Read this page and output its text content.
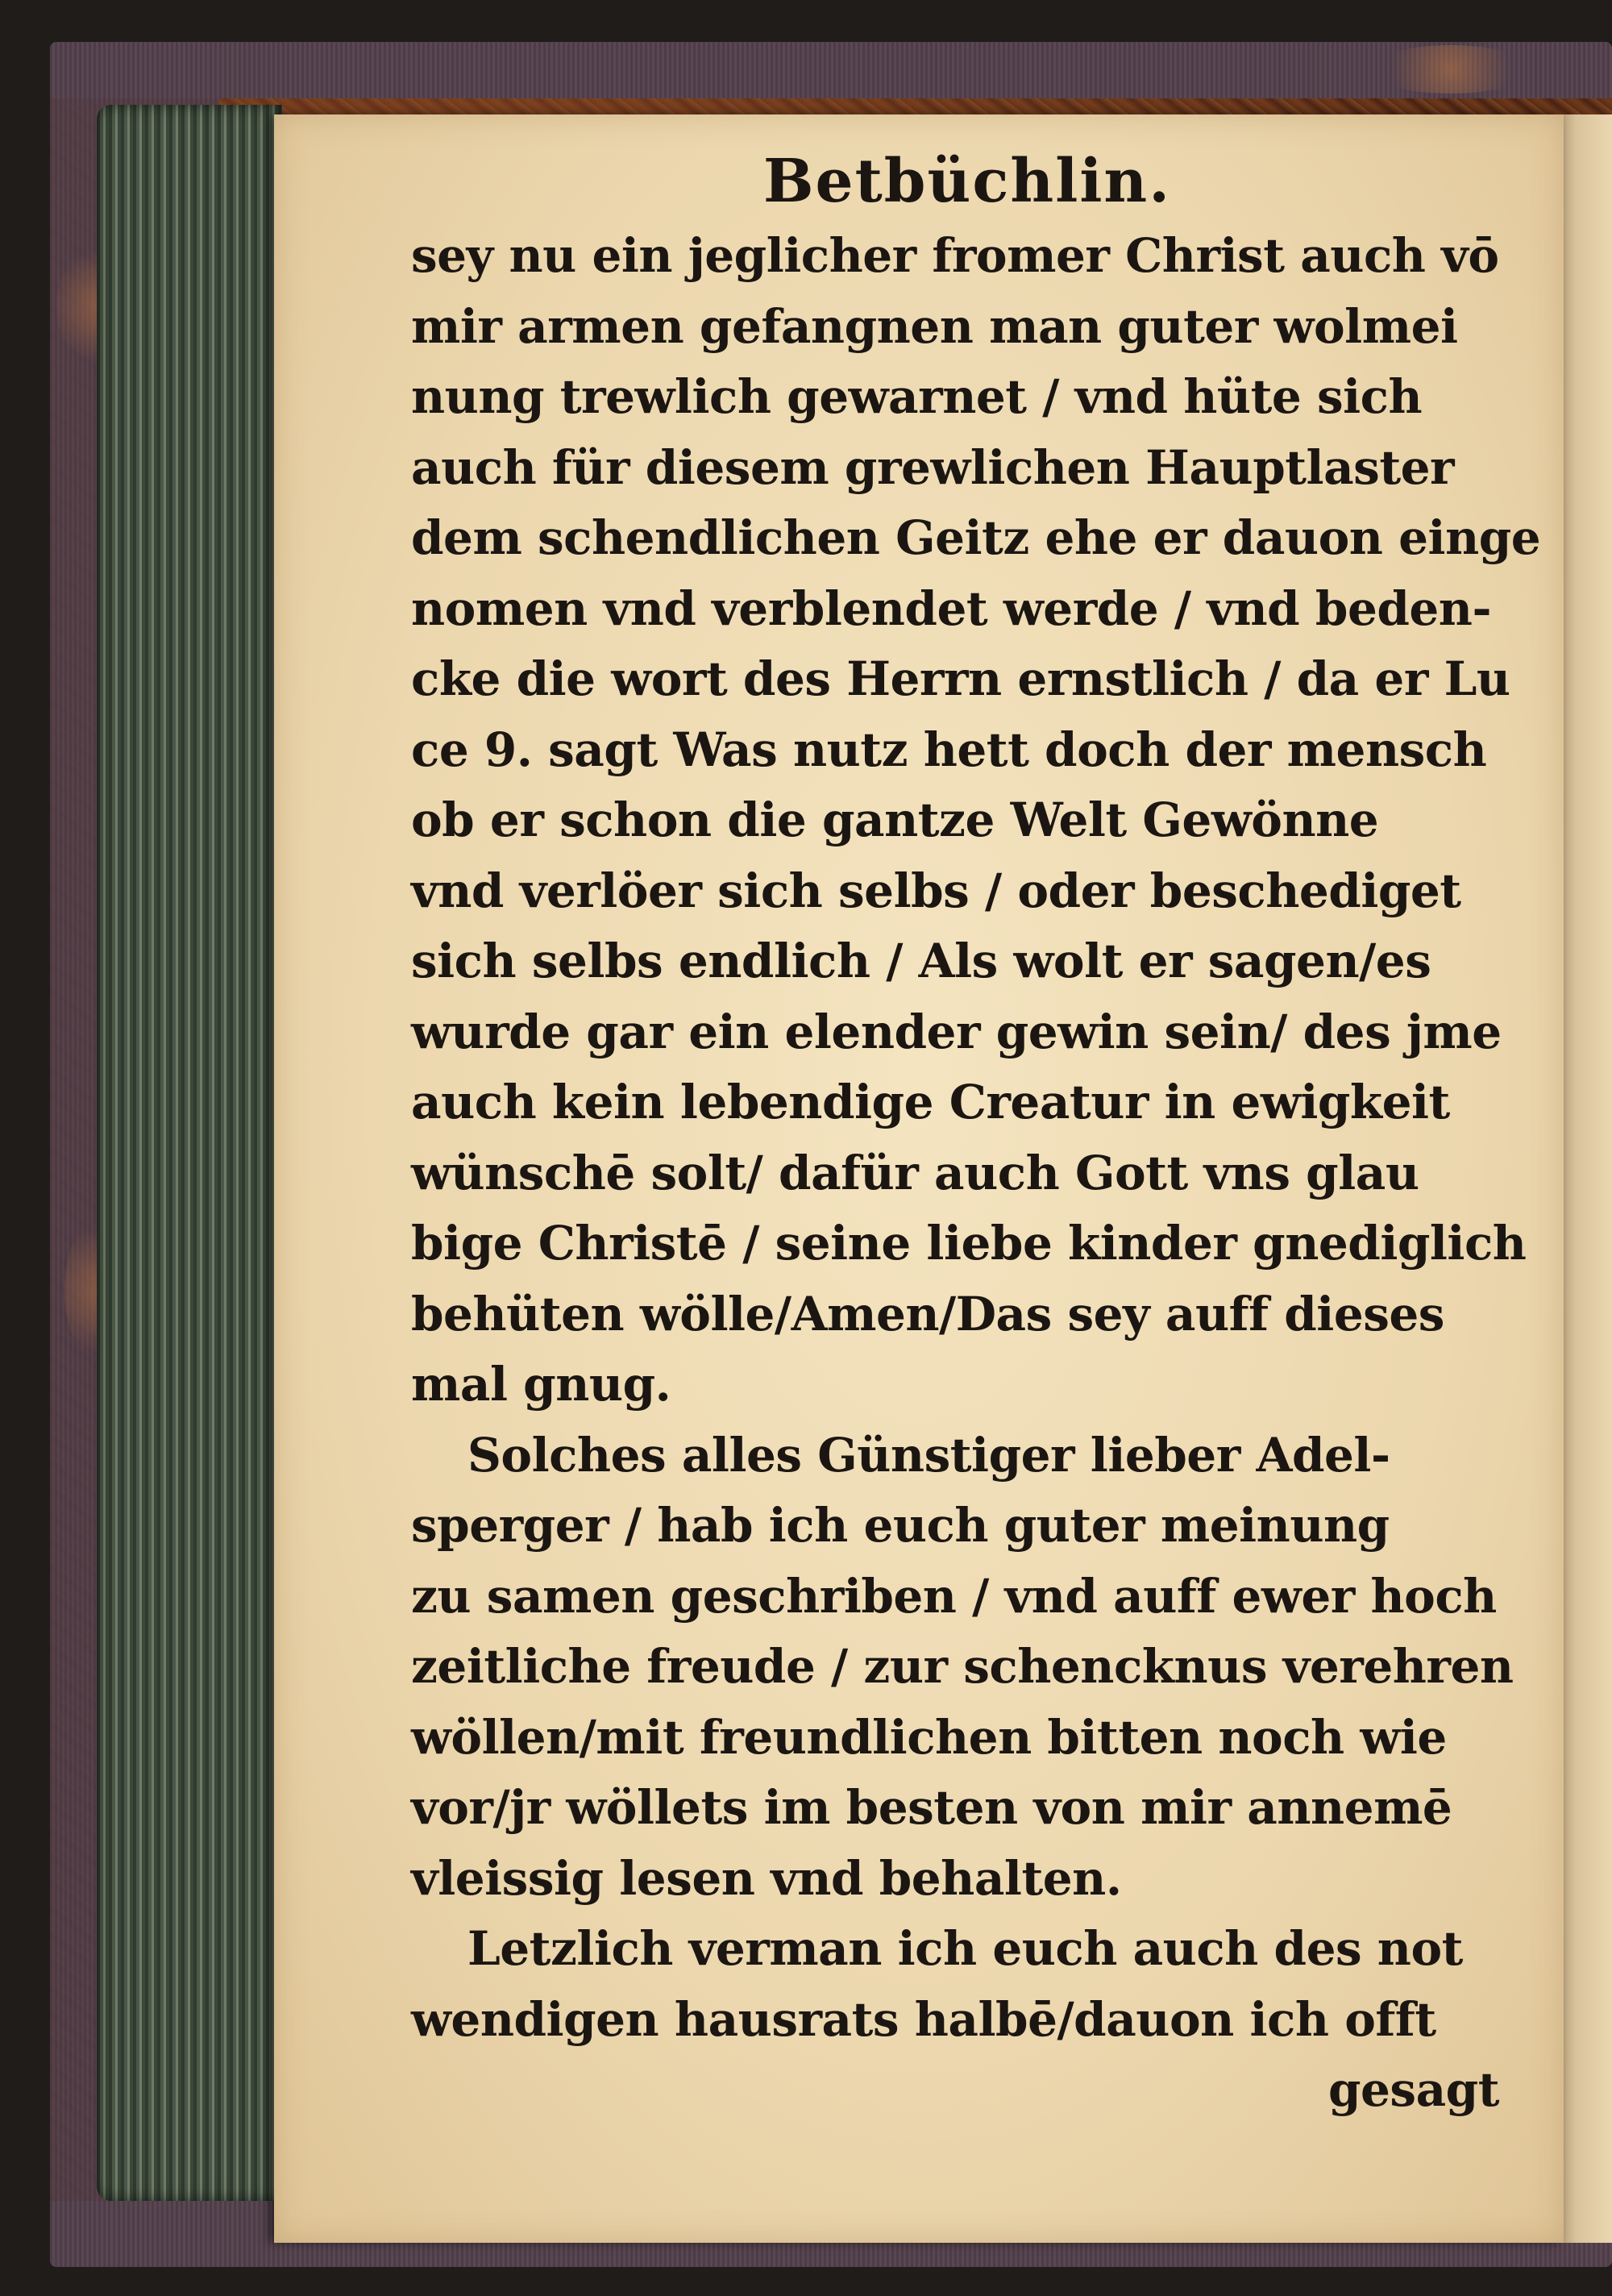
Betbüchlin.
sey nu ein jeglicher fromer Christ auch vō
mir armen gefangnen man guter wolmei
nung trewlich gewarnet / vnd hüte sich
auch für diesem grewlichen Hauptlaster
dem schendlichen Geitz ehe er dauon einge
nomen vnd verblendet werde / vnd beden-
cke die wort des Herrn ernstlich / da er Lu
ce 9. sagt Was nutz hett doch der mensch
ob er schon die gantze Welt Gewönne
vnd verlöer sich selbs / oder beschediget
sich selbs endlich / Als wolt er sagen/es
wurde gar ein elender gewin sein/ des jme
auch kein lebendige Creatur in ewigkeit
wünschē solt/ dafür auch Gott vns glau
bige Christē / seine liebe kinder gnediglich
behüten wölle/Amen/Das sey auff dieses
mal gnug.
Solches alles Günstiger lieber Adel-
sperger / hab ich euch guter meinung
zu samen geschriben / vnd auff ewer hoch
zeitliche freude / zur schencknus verehren
wöllen/mit freundlichen bitten noch wie
vor/jr wöllets im besten von mir annemē
vleissig lesen vnd behalten.
Letzlich verman ich euch auch des not
wendigen hausrats halbē/dauon ich offt
gesagt
